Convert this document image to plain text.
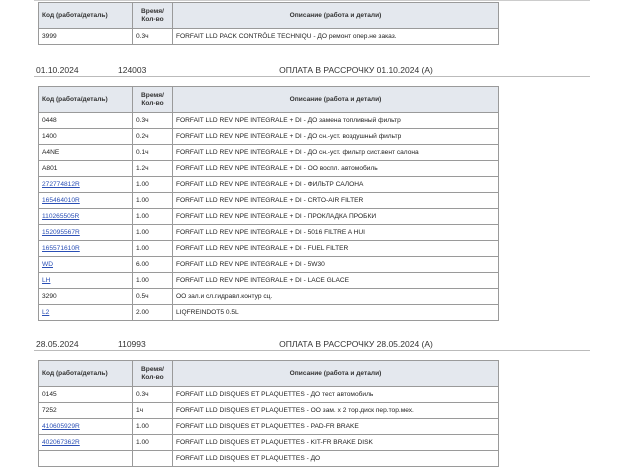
Код (работа/деталь)	Время/ Кол-во	Описание (работа и детали)
3999	0.3ч	FORFAIT LLD PACK CONTRÔLE TECHNIQU - ДО ремонт опер.не заказ.
01.10.2024	124003	ОПЛАТА В РАССРОЧКУ 01.10.2024 (А)
Код (работа/деталь)	Время/ Кол-во	Описание (работа и детали)
0448	0.3ч	FORFAIT LLD REV NPE INTEGRALE + DI - ДО замена топливный фильтр
1400	0.2ч	FORFAIT LLD REV NPE INTEGRALE + DI - ДО сн.-уст. воздушный фильтр
A4NE	0.1ч	FORFAIT LLD REV NPE INTEGRALE + DI - ДО сн.-уст. фильтр сист.вент салона
A801	1.2ч	FORFAIT LLD REV NPE INTEGRALE + DI - ОО воспл. автомобиль
272774812R	1.00	FORFAIT LLD REV NPE INTEGRALE + DI - ФИЛЬТР САЛОНА
165464010R	1.00	FORFAIT LLD REV NPE INTEGRALE + DI - CRTO-AIR FILTER
110265505R	1.00	FORFAIT LLD REV NPE INTEGRALE + DI - ПРОКЛАДКА ПРОБКИ
152095567R	1.00	FORFAIT LLD REV NPE INTEGRALE + DI - 5016 FILTRE A HUI
165571610R	1.00	FORFAIT LLD REV NPE INTEGRALE + DI - FUEL FILTER
WD	6.00	FORFAIT LLD REV NPE INTEGRALE + DI - 5W30
LH	1.00	FORFAIT LLD REV NPE INTEGRALE + DI - LACE GLACE
3290	0.5ч	ОО зал.и сл.гидравл.контур сц.
L2	2.00	LIQFREINDOT5 0.5L
28.05.2024	110993	ОПЛАТА В РАССРОЧКУ 28.05.2024 (А)
Код (работа/деталь)	Время/ Кол-во	Описание (работа и детали)
0145	0.3ч	FORFAIT LLD DISQUES ET PLAQUETTES - ДО тест автомобиль
7252	1ч	FORFAIT LLD DISQUES ET PLAQUETTES - ОО зам. x 2 тор.диск пер.тор.мех.
410605929R	1.00	FORFAIT LLD DISQUES ET PLAQUETTES - PAD-FR BRAKE
402067362R	1.00	FORFAIT LLD DISQUES ET PLAQUETTES - KIT-FR BRAKE DISK
		FORFAIT LLD DISQUES ET PLAQUETTES - ДО
